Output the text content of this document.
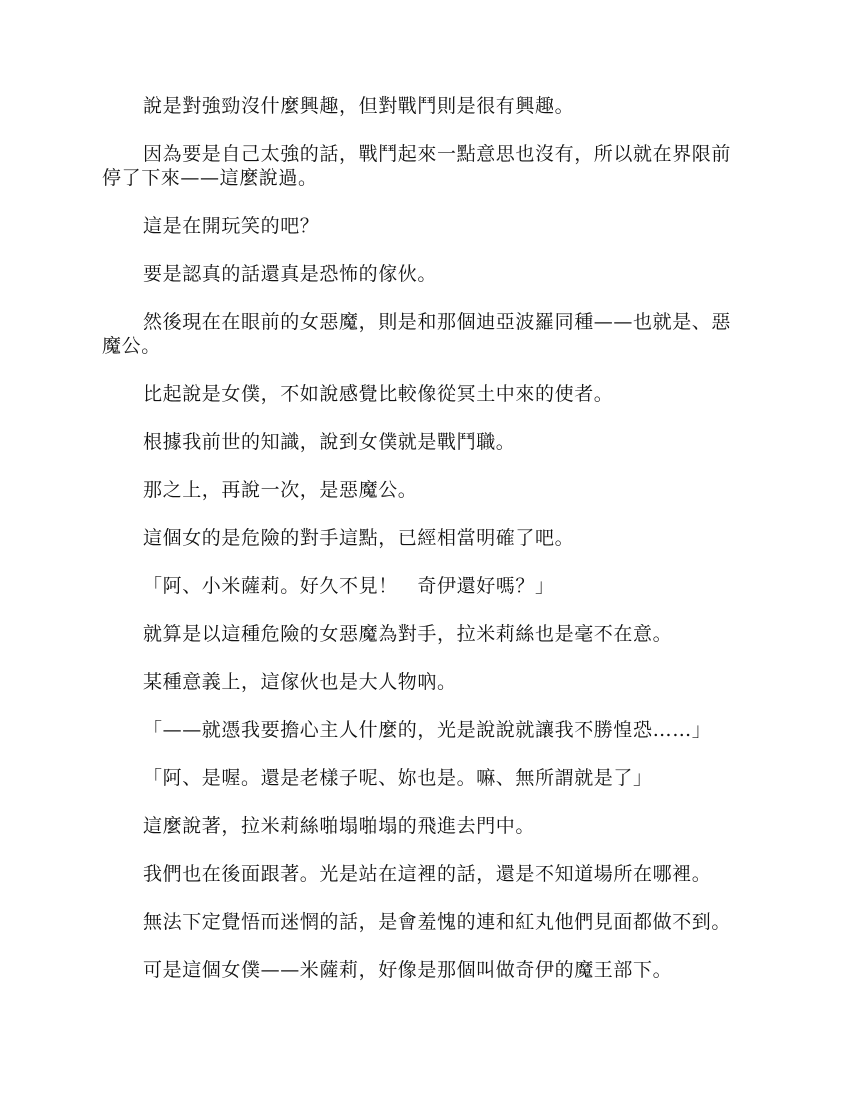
說是對強勁沒什麼興趣，但對戰鬥則是很有興趣。

因為要是自己太強的話，戰鬥起來一點意思也沒有，所以就在界限前停了下來——這麼說過。

這是在開玩笑的吧？

要是認真的話還真是恐怖的傢伙。

然後現在在眼前的女惡魔，則是和那個迪亞波羅同種——也就是、惡魔公。

比起說是女僕，不如說感覺比較像從冥土中來的使者。

根據我前世的知識，說到女僕就是戰鬥職。

那之上，再說一次，是惡魔公。

這個女的是危險的對手這點，已經相當明確了吧。

「阿、小米薩莉。好久不見！　奇伊還好嗎？」

就算是以這種危險的女惡魔為對手，拉米莉絲也是毫不在意。

某種意義上，這傢伙也是大人物吶。

「——就憑我要擔心主人什麼的，光是說說就讓我不勝惶恐……」

「阿、是喔。還是老樣子呢、妳也是。嘛、無所謂就是了」

這麼說著，拉米莉絲啪塌啪塌的飛進去門中。

我們也在後面跟著。光是站在這裡的話，還是不知道場所在哪裡。

無法下定覺悟而迷惘的話，是會羞愧的連和紅丸他們見面都做不到。

可是這個女僕——米薩莉，好像是那個叫做奇伊的魔王部下。
